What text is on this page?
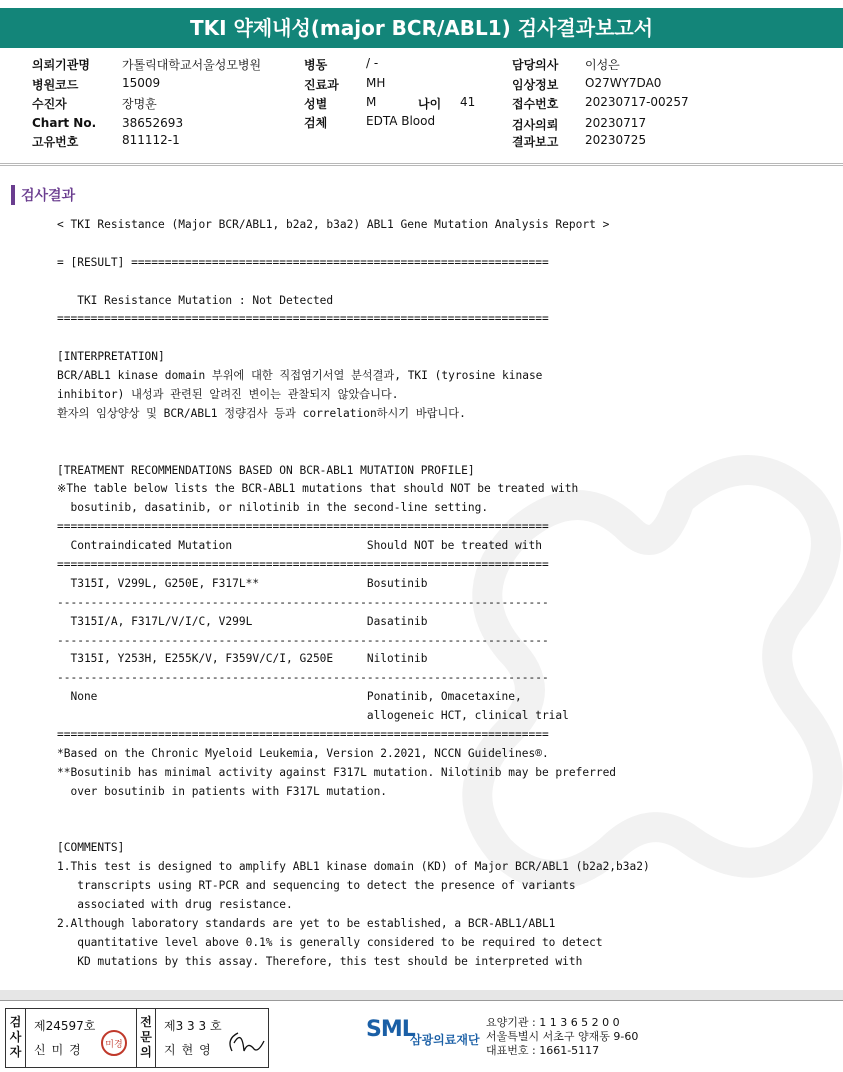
TKI 약제내성(major BCR/ABL1) 검사결과보고서
의뢰기관명	가톨릭대학교서울성모병원
병원코드	15009
수진자	장명훈
Chart No. 38652693
고유번호	811112-1
병동	/ -
진료과 MH
성별	M	나이 41
검체	EDTA Blood
담당의사 이성은
임상정보 O27WY7DA0
접수번호 20230717-00257
검사의뢰 20230717
결과보고 20230725
검사결과
< TKI Resistance (Major BCR/ABL1, b2a2, b3a2) ABL1 Gene Mutation Analysis Report >
= [RESULT] ==============================================================
TKI Resistance Mutation : Not Detected
=========================================================================
[INTERPRETATION]
BCR/ABL1 kinase domain 부위에 대한 직접염기서열 분석결과, TKI (tyrosine kinase
inhibitor) 내성과 관련된 알려진 변이는 관찰되지 않았습니다.
환자의 임상양상 및 BCR/ABL1 정량검사 등과 correlation하시기 바랍니다.
[TREATMENT RECOMMENDATIONS BASED ON BCR-ABL1 MUTATION PROFILE]
※The table below lists the BCR-ABL1 mutations that should NOT be treated with
bosutinib, dasatinib, or nilotinib in the second-line setting.
=========================================================================
Contraindicated Mutation                    Should NOT be treated with
=========================================================================
T315I, V299L, G250E, F317L**                Bosutinib
-------------------------------------------------------------------------
T315I/A, F317L/V/I/C, V299L                 Dasatinib
-------------------------------------------------------------------------
T315I, Y253H, E255K/V, F359V/C/I, G250E     Nilotinib
-------------------------------------------------------------------------
None                                        Ponatinib, Omacetaxine,
allogeneic HCT, clinical trial
=========================================================================
*Based on the Chronic Myeloid Leukemia, Version 2.2021, NCCN Guidelines®.
**Bosutinib has minimal activity against F317L mutation. Nilotinib may be preferred
over bosutinib in patients with F317L mutation.
[COMMENTS]
1.This test is designed to amplify ABL1 kinase domain (KD) of Major BCR/ABL1 (b2a2,b3a2)
transcripts using RT-PCR and sequencing to detect the presence of variants
associated with drug resistance.
2.Although laboratory standards are yet to be established, a BCR-ABL1/ABL1
quantitative level above 0.1% is generally considered to be required to detect
KD mutations by this assay. Therefore, this test should be interpreted with
검
사
자
제24597호
신미경 미경
전
문
의
제3 3 3 호
지현영
SML
삼광의료재단
요양기관 : 1 1 3 6 5 2 0 0
서울특별시 서초구 양재동 9-60
대표번호 : 1661-5117
